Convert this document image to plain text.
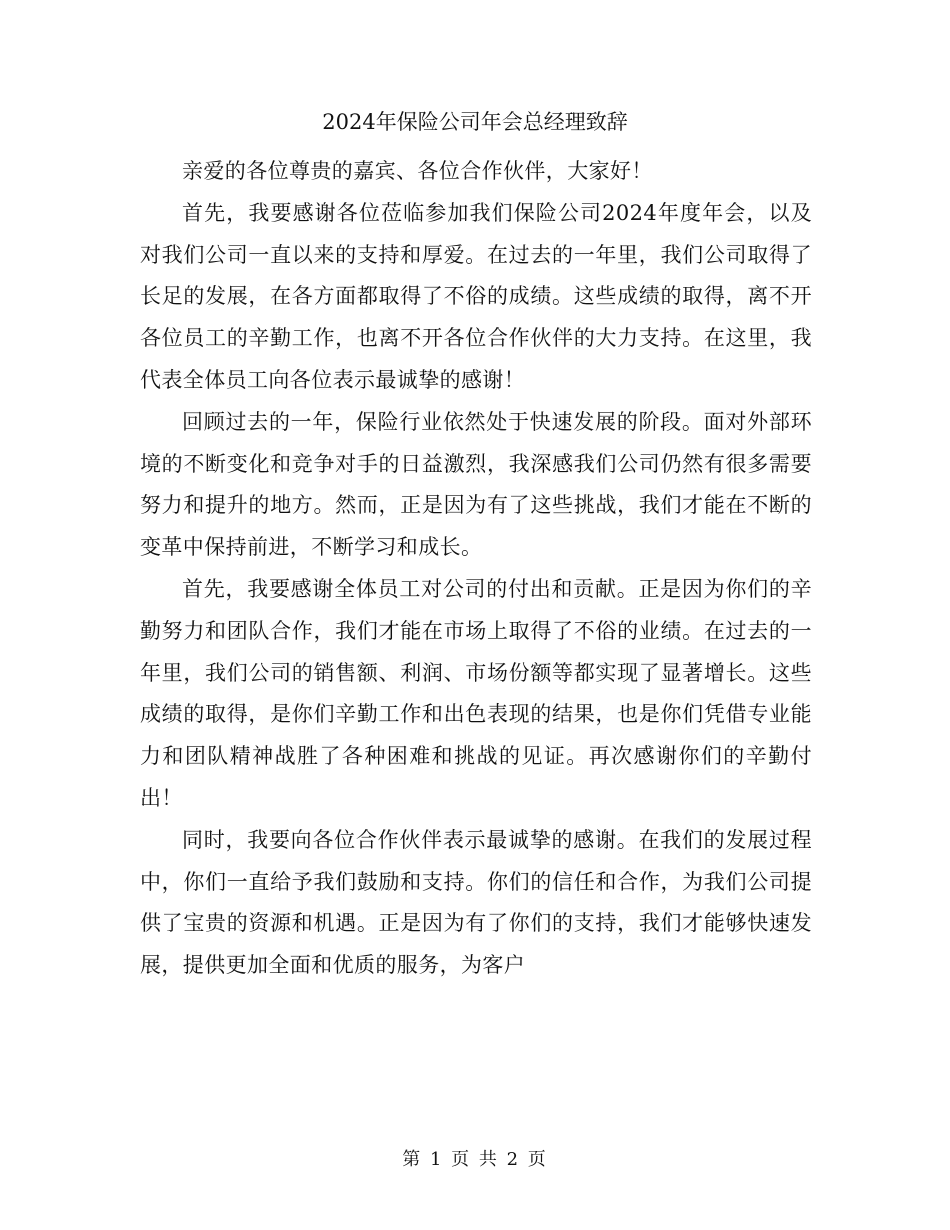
2024年保险公司年会总经理致辞

亲爱的各位尊贵的嘉宾、各位合作伙伴，大家好！

首先，我要感谢各位莅临参加我们保险公司2024年度年会，以及对我们公司一直以来的支持和厚爱。在过去的一年里，我们公司取得了长足的发展，在各方面都取得了不俗的成绩。这些成绩的取得，离不开各位员工的辛勤工作，也离不开各位合作伙伴的大力支持。在这里，我代表全体员工向各位表示最诚挚的感谢！

回顾过去的一年，保险行业依然处于快速发展的阶段。面对外部环境的不断变化和竞争对手的日益激烈，我深感我们公司仍然有很多需要努力和提升的地方。然而，正是因为有了这些挑战，我们才能在不断的变革中保持前进，不断学习和成长。

首先，我要感谢全体员工对公司的付出和贡献。正是因为你们的辛勤努力和团队合作，我们才能在市场上取得了不俗的业绩。在过去的一年里，我们公司的销售额、利润、市场份额等都实现了显著增长。这些成绩的取得，是你们辛勤工作和出色表现的结果，也是你们凭借专业能力和团队精神战胜了各种困难和挑战的见证。再次感谢你们的辛勤付出！

同时，我要向各位合作伙伴表示最诚挚的感谢。在我们的发展过程中，你们一直给予我们鼓励和支持。你们的信任和合作，为我们公司提供了宝贵的资源和机遇。正是因为有了你们的支持，我们才能够快速发展，提供更加全面和优质的服务，为客户

第 1 页 共 2 页
